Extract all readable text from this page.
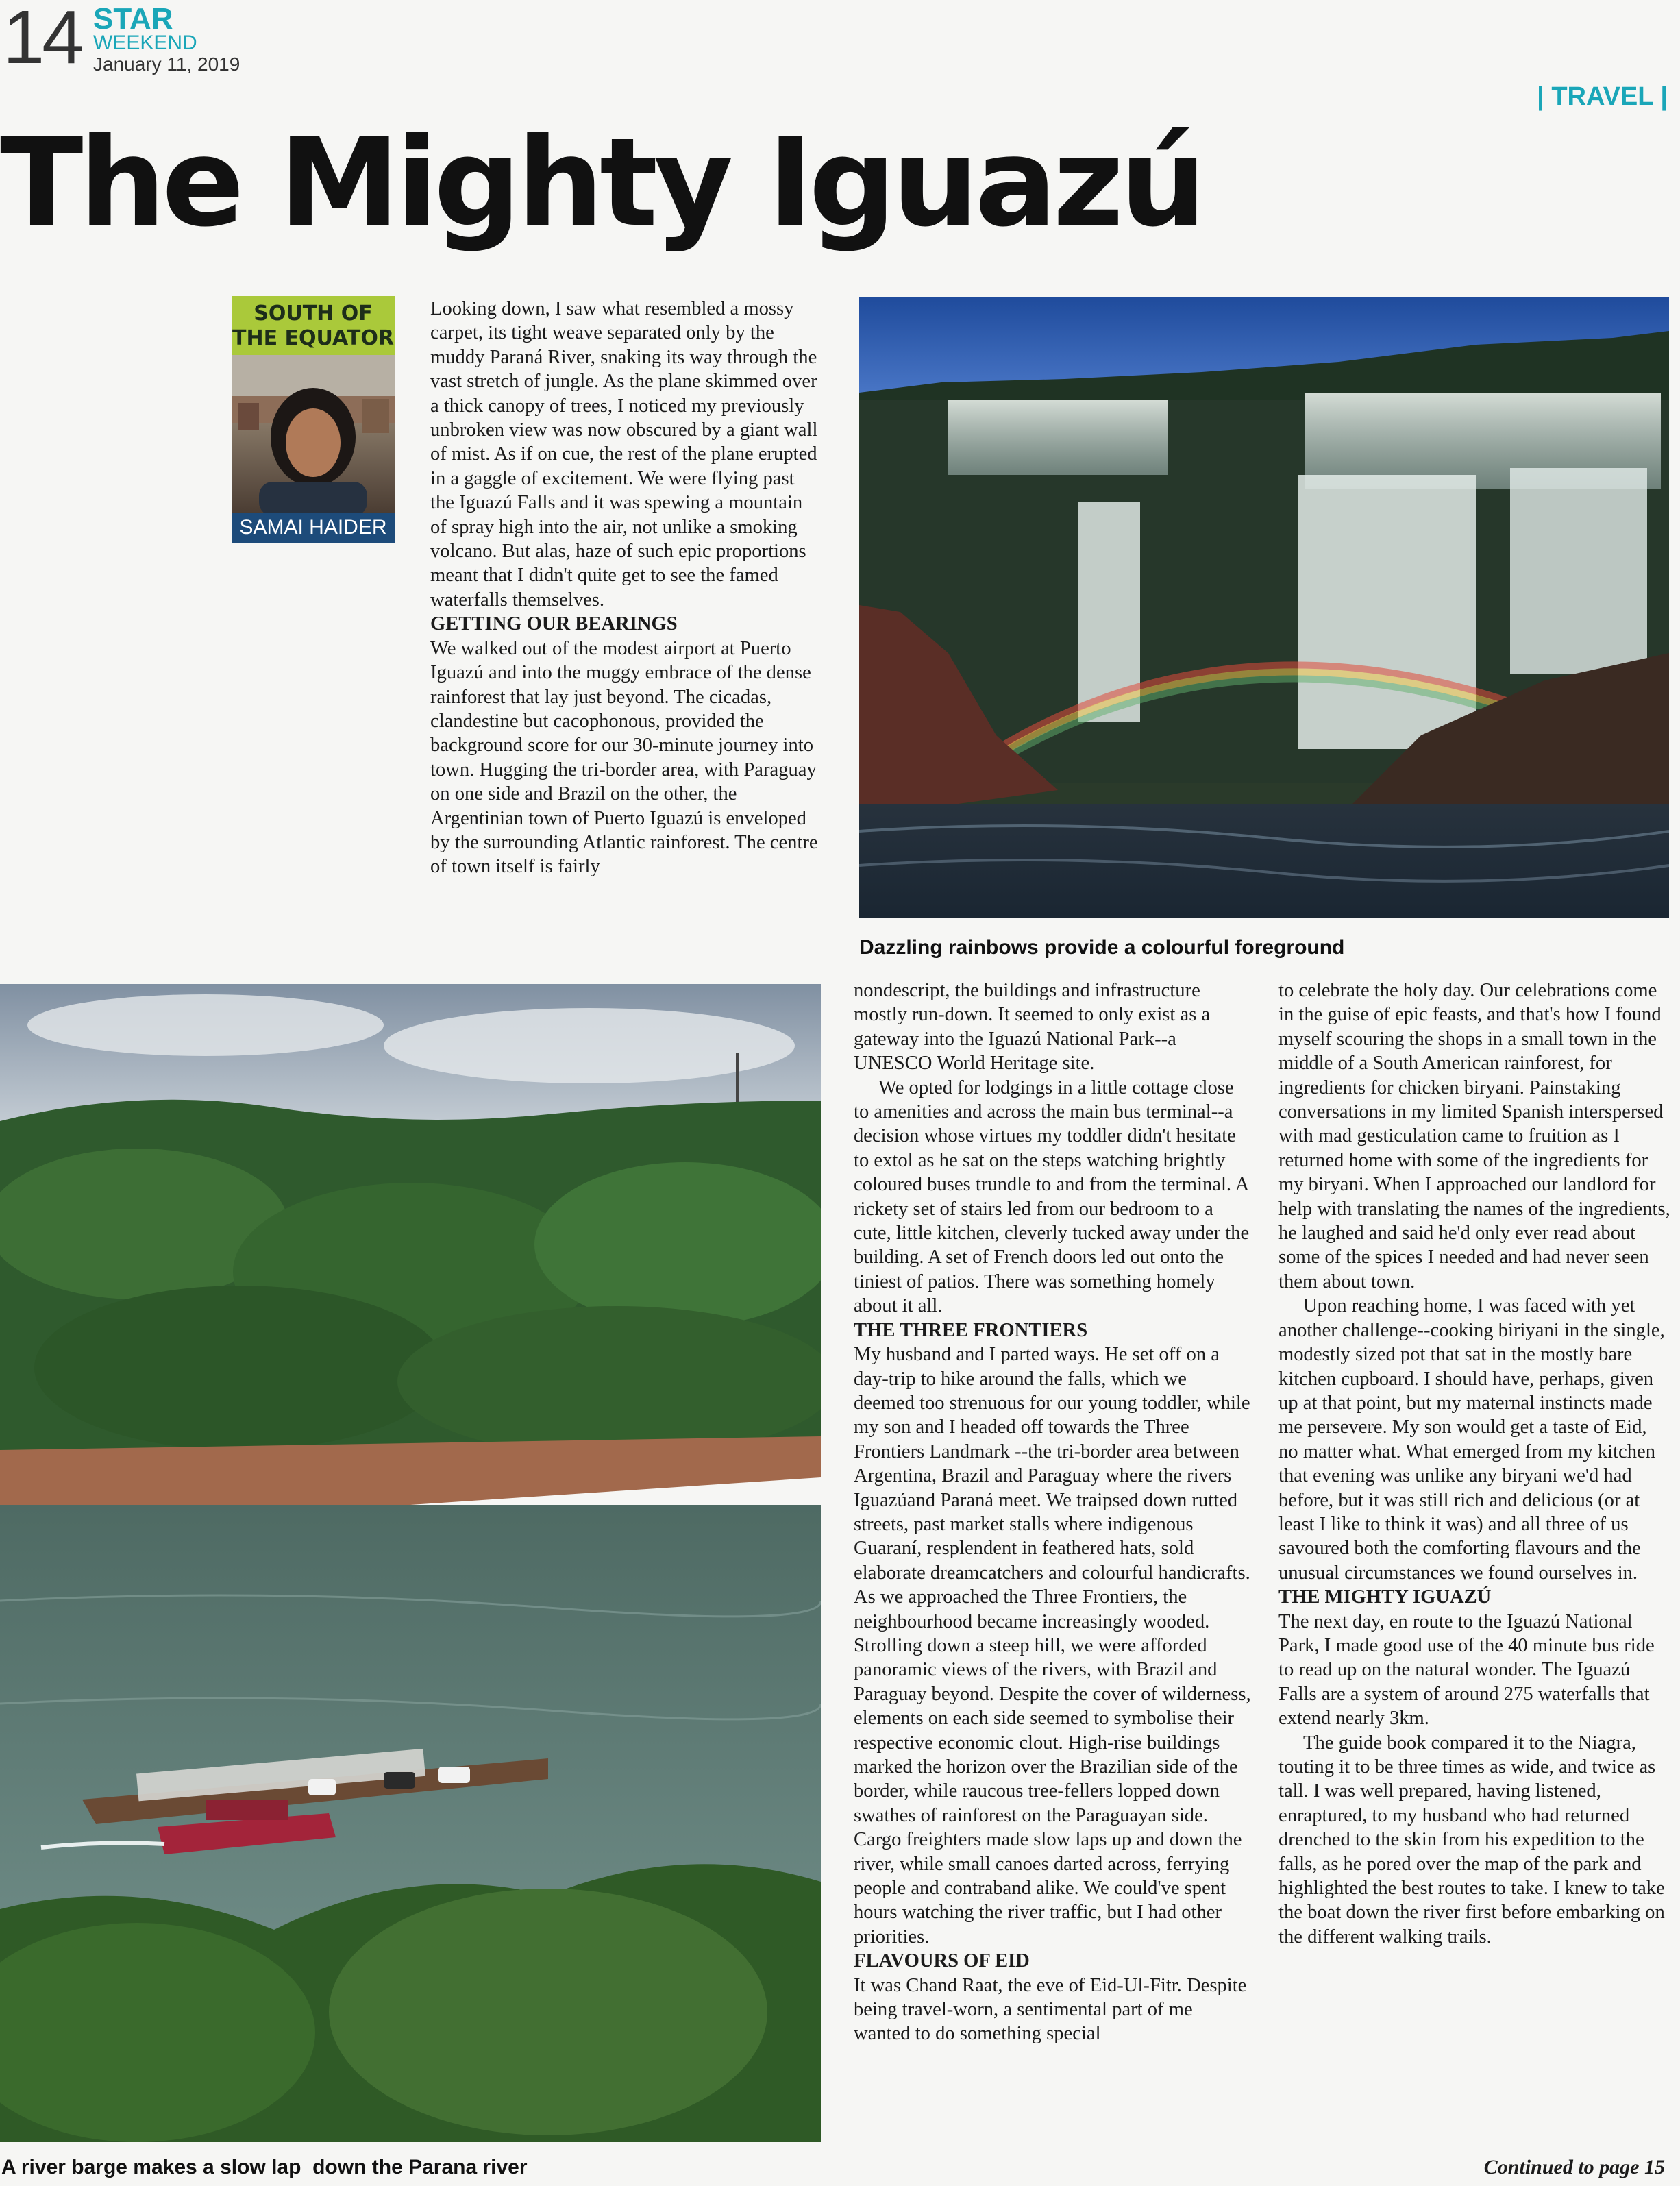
14 STAR
WEEKEND
January 11, 2019
| TRAVEL |
The Mighty Iguazú
SOUTH OF THE EQUATOR
SAMAI HAIDER

Looking down, I saw what resembled a mossy carpet, its tight weave separated only by the muddy Paraná River, snaking its way through the vast stretch of jungle. As the plane skimmed over a thick canopy of trees, I noticed my previously unbroken view was now obscured by a giant wall of mist. As if on cue, the rest of the plane erupted in a gaggle of excitement. We were flying past the Iguazú Falls and it was spewing a mountain of spray high into the air, not unlike a smoking volcano. But alas, haze of such epic proportions meant that I didn't quite get to see the famed waterfalls themselves.

GETTING OUR BEARINGS

We walked out of the modest airport at Puerto Iguazú and into the muggy embrace of the dense rainforest that lay just beyond. The cicadas, clandestine but cacophonous, provided the background score for our 30-minute journey into town. Hugging the tri-border area, with Paraguay on one side and Brazil on the other, the Argentinian town of Puerto Iguazú is enveloped by the surrounding Atlantic rainforest. The centre of town itself is fairly

Dazzling rainbows provide a colourful foreground
A river barge makes a slow lap  down the Parana river

nondescript, the buildings and infrastructure mostly run-down. It seemed to only exist as a gateway into the Iguazú National Park--a UNESCO World Heritage site.

We opted for lodgings in a little cottage close to amenities and across the main bus terminal--a decision whose virtues my toddler didn't hesitate to extol as he sat on the steps watching brightly coloured buses trundle to and from the terminal. A rickety set of stairs led from our bedroom to a cute, little kitchen, cleverly tucked away under the building. A set of French doors led out onto the tiniest of patios. There was something homely about it all.

THE THREE FRONTIERS

My husband and I parted ways. He set off on a day-trip to hike around the falls, which we deemed too strenuous for our young toddler, while my son and I headed off towards the Three Frontiers Landmark --the tri-border area between Argentina, Brazil and Paraguay where the rivers Iguazúand Paraná meet. We traipsed down rutted streets, past market stalls where indigenous Guaraní, resplendent in feathered hats, sold elaborate dreamcatchers and colourful handicrafts. As we approached the Three Frontiers, the neighbourhood became increasingly wooded. Strolling down a steep hill, we were afforded panoramic views of the rivers, with Brazil and Paraguay beyond. Despite the cover of wilderness, elements on each side seemed to symbolise their respective economic clout. High-rise buildings marked the horizon over the Brazilian side of the border, while raucous tree-fellers lopped down swathes of rainforest on the Paraguayan side. Cargo freighters made slow laps up and down the river, while small canoes darted across, ferrying people and contraband alike. We could've spent hours watching the river traffic, but I had other priorities.

FLAVOURS OF EID

It was Chand Raat, the eve of Eid-Ul-Fitr. Despite being travel-worn, a sentimental part of me wanted to do something special

to celebrate the holy day. Our celebrations come in the guise of epic feasts, and that's how I found myself scouring the shops in a small town in the middle of a South American rainforest, for ingredients for chicken biryani. Painstaking conversations in my limited Spanish interspersed with mad gesticulation came to fruition as I returned home with some of the ingredients for my biryani. When I approached our landlord for help with translating the names of the ingredients, he laughed and said he'd only ever read about some of the spices I needed and had never seen them about town.

Upon reaching home, I was faced with yet another challenge--cooking biriyani in the single, modestly sized pot that sat in the mostly bare kitchen cupboard. I should have, perhaps, given up at that point, but my maternal instincts made me persevere. My son would get a taste of Eid, no matter what. What emerged from my kitchen that evening was unlike any biryani we'd had before, but it was still rich and delicious (or at least I like to think it was) and all three of us savoured both the comforting flavours and the unusual circumstances we found ourselves in.

THE MIGHTY IGUAZÚ

The next day, en route to the Iguazú National Park, I made good use of the 40 minute bus ride to read up on the natural wonder. The Iguazú Falls are a system of around 275 waterfalls that extend nearly 3km.

The guide book compared it to the Niagra, touting it to be three times as wide, and twice as tall. I was well prepared, having listened, enraptured, to my husband who had returned drenched to the skin from his expedition to the falls, as he pored over the map of the park and highlighted the best routes to take. I knew to take the boat down the river first before embarking on the different walking trails.

Continued to page 15
